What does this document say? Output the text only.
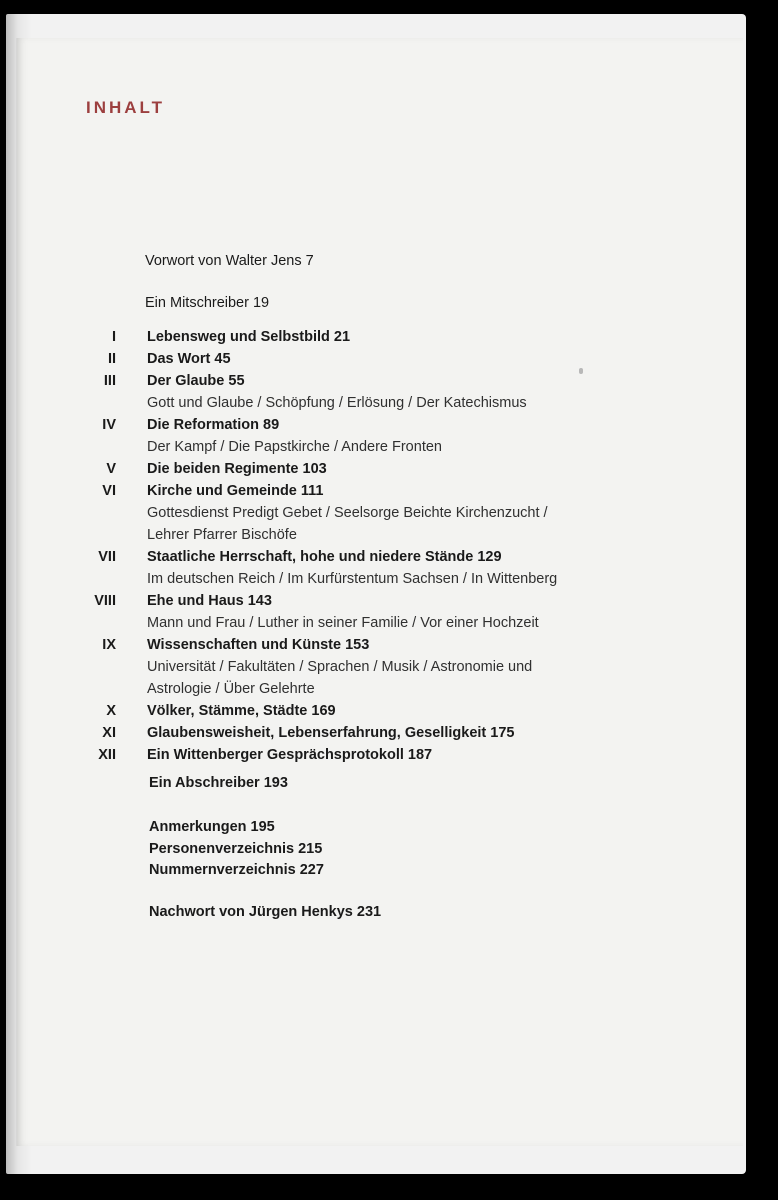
INHALT
Vorwort von Walter Jens 7
Ein Mitschreiber 19
I Lebensweg und Selbstbild 21
II Das Wort 45
III Der Glaube 55
Gott und Glaube / Schöpfung / Erlösung / Der Katechismus
IV Die Reformation 89
Der Kampf / Die Papstkirche / Andere Fronten
V Die beiden Regimente 103
VI Kirche und Gemeinde 111
Gottesdienst Predigt Gebet / Seelsorge Beichte Kirchenzucht /
Lehrer Pfarrer Bischöfe
VII Staatliche Herrschaft, hohe und niedere Stände 129
Im deutschen Reich / Im Kurfürstentum Sachsen / In Wittenberg
VIII Ehe und Haus 143
Mann und Frau / Luther in seiner Familie / Vor einer Hochzeit
IX Wissenschaften und Künste 153
Universität / Fakultäten / Sprachen / Musik / Astronomie und
Astrologie / Über Gelehrte
X Völker, Stämme, Städte 169
XI Glaubensweisheit, Lebenserfahrung, Geselligkeit 175
XII Ein Wittenberger Gesprächsprotokoll 187
Ein Abschreiber 193
Anmerkungen 195
Personenverzeichnis 215
Nummernverzeichnis 227
Nachwort von Jürgen Henkys 231
